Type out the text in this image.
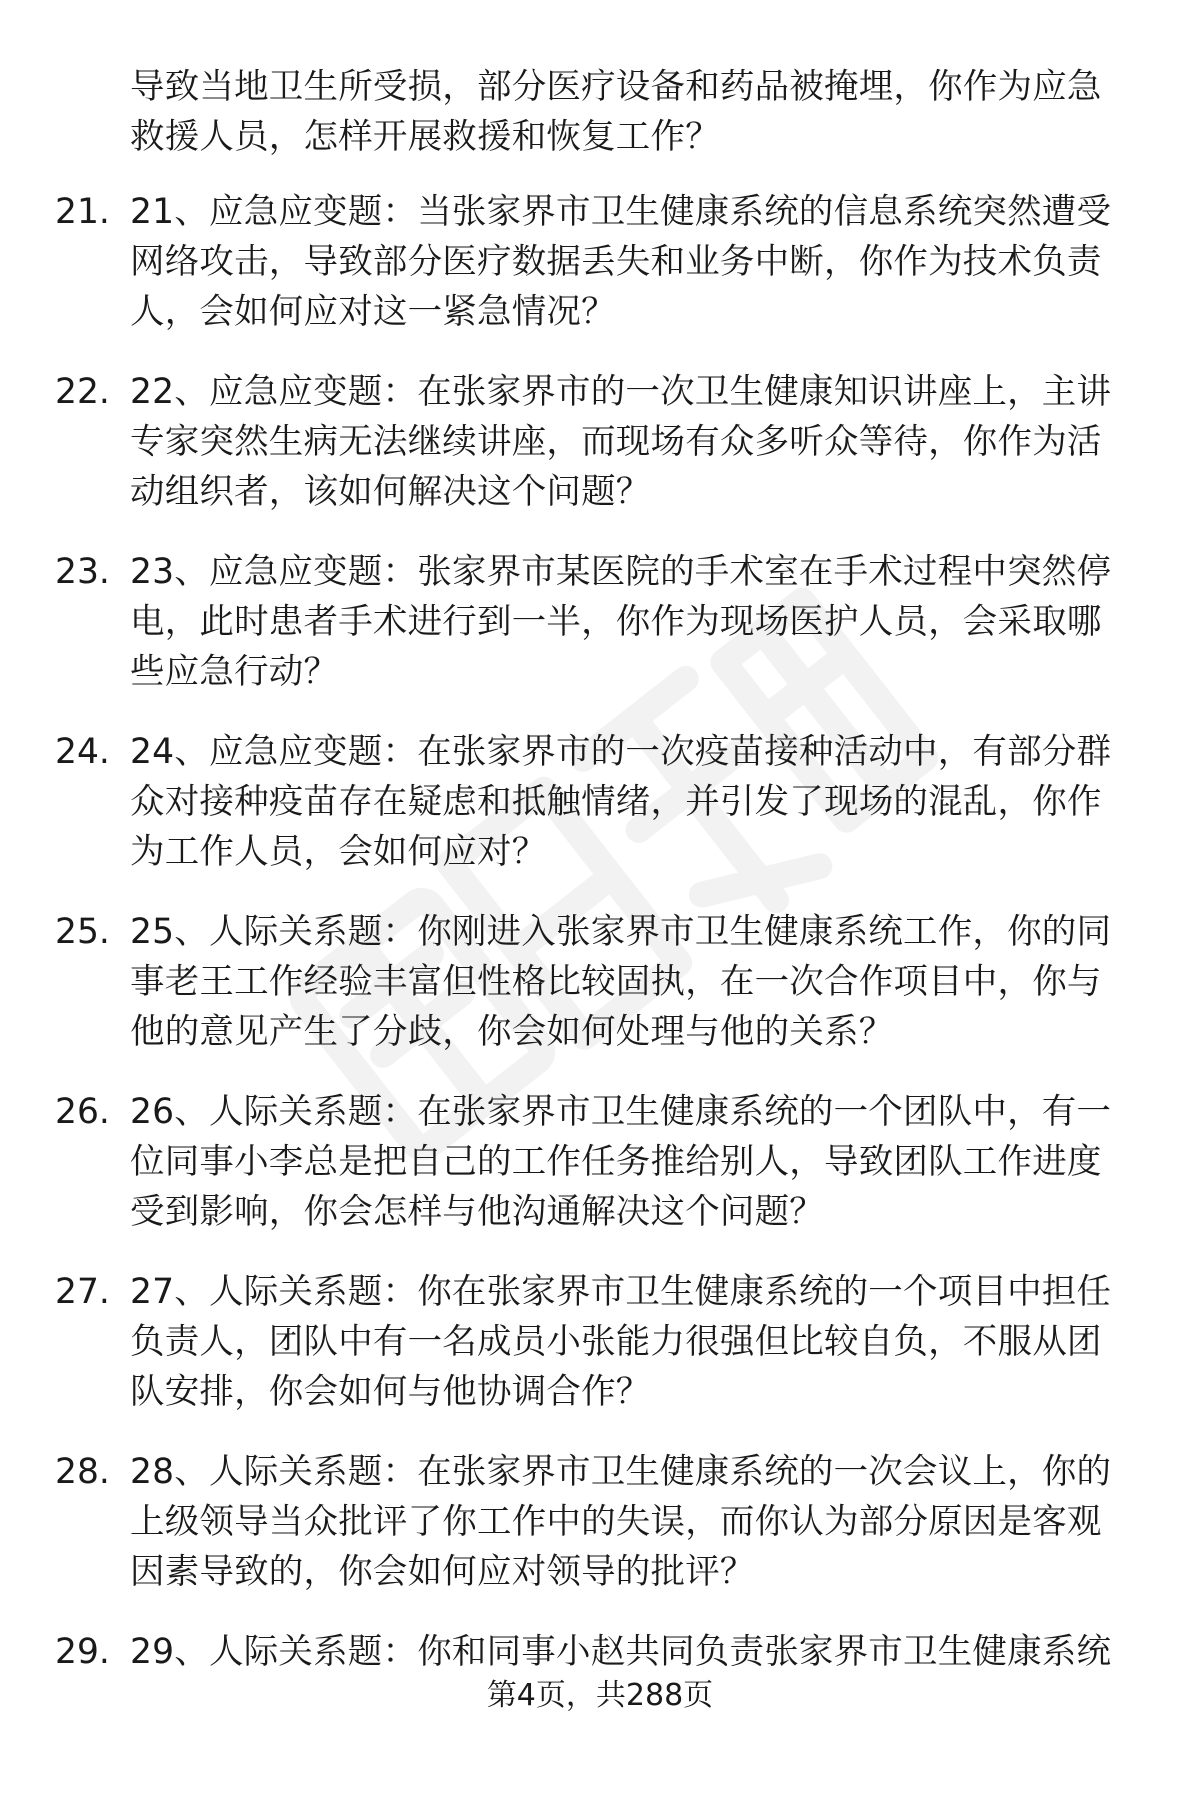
导致当地卫生所受损，部分医疗设备和药品被掩埋，你作为应急
救援人员，怎样开展救援和恢复工作？
21. 21、应急应变题：当张家界市卫生健康系统的信息系统突然遭受
网络攻击，导致部分医疗数据丢失和业务中断，你作为技术负责
人，会如何应对这一紧急情况？
22. 22、应急应变题：在张家界市的一次卫生健康知识讲座上，主讲
专家突然生病无法继续讲座，而现场有众多听众等待，你作为活
动组织者，该如何解决这个问题？
23. 23、应急应变题：张家界市某医院的手术室在手术过程中突然停
电，此时患者手术进行到一半，你作为现场医护人员，会采取哪
些应急行动？
24. 24、应急应变题：在张家界市的一次疫苗接种活动中，有部分群
众对接种疫苗存在疑虑和抵触情绪，并引发了现场的混乱，你作
为工作人员，会如何应对？
25. 25、人际关系题：你刚进入张家界市卫生健康系统工作，你的同
事老王工作经验丰富但性格比较固执，在一次合作项目中，你与
他的意见产生了分歧，你会如何处理与他的关系？
26. 26、人际关系题：在张家界市卫生健康系统的一个团队中，有一
位同事小李总是把自己的工作任务推给别人，导致团队工作进度
受到影响，你会怎样与他沟通解决这个问题？
27. 27、人际关系题：你在张家界市卫生健康系统的一个项目中担任
负责人，团队中有一名成员小张能力很强但比较自负，不服从团
队安排，你会如何与他协调合作？
28. 28、人际关系题：在张家界市卫生健康系统的一次会议上，你的
上级领导当众批评了你工作中的失误，而你认为部分原因是客观
因素导致的，你会如何应对领导的批评？
29. 29、人际关系题：你和同事小赵共同负责张家界市卫生健康系统
第4页，共288页
